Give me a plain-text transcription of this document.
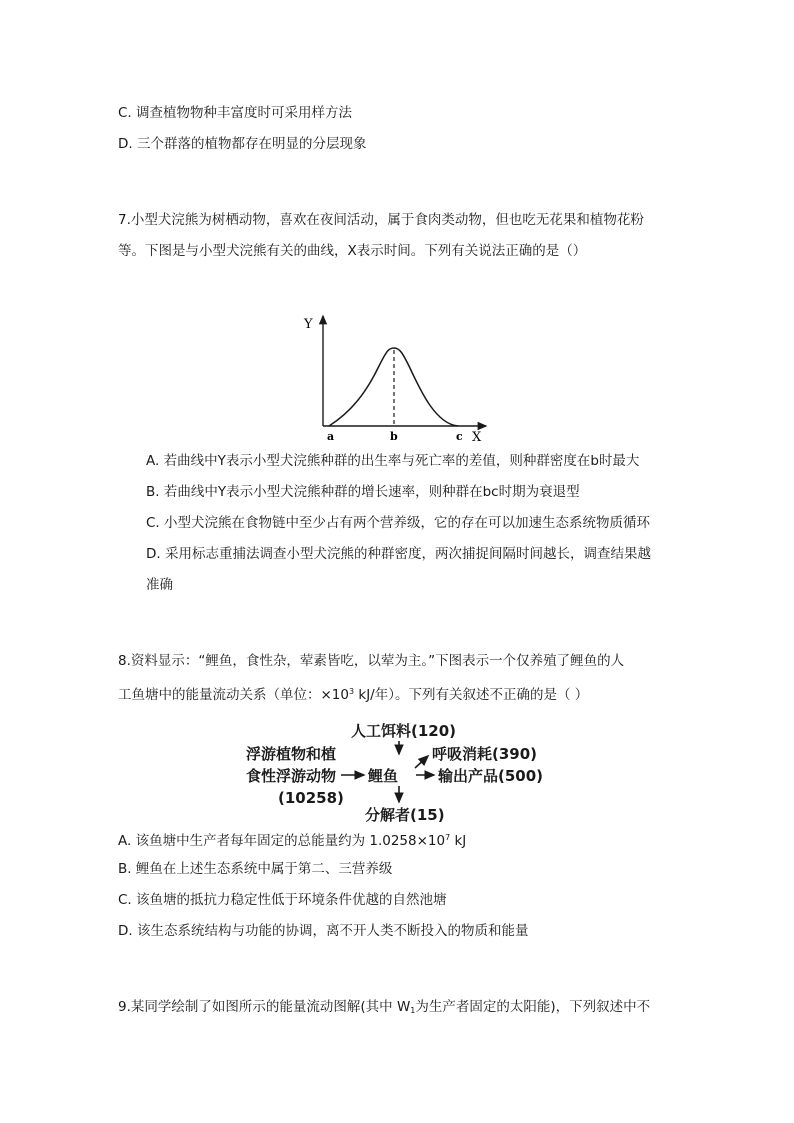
C. 调查植物物种丰富度时可采用样方法
D. 三个群落的植物都存在明显的分层现象
7.小型犬浣熊为树栖动物，喜欢在夜间活动，属于食肉类动物，但也吃无花果和植物花粉
等。下图是与小型犬浣熊有关的曲线，X表示时间。下列有关说法正确的是（）
Y
X
a	b	c
A. 若曲线中Y表示小型犬浣熊种群的出生率与死亡率的差值，则种群密度在b时最大
B. 若曲线中Y表示小型犬浣熊种群的增长速率，则种群在bc时期为衰退型
C. 小型犬浣熊在食物链中至少占有两个营养级，它的存在可以加速生态系统物质循环
D. 采用标志重捕法调查小型犬浣熊的种群密度，两次捕捉间隔时间越长，调查结果越
准确
8.资料显示：“鲤鱼，食性杂，荤素皆吃，以荤为主。”下图表示一个仅养殖了鲤鱼的人
工鱼塘中的能量流动关系（单位：$\times 10^3$ kJ/年）。下列有关叙述不正确的是（ ）
人工饵料(120)
浮游植物和植
食性浮游动物
(10258)
鲤鱼
呼吸消耗(390)
输出产品(500)
分解者(15)
A. 该鱼塘中生产者每年固定的总能量约为 $1.0258\times 10^7$ kJ
B. 鲤鱼在上述生态系统中属于第二、三营养级
C. 该鱼塘的抵抗力稳定性低于环境条件优越的自然池塘
D. 该生态系统结构与功能的协调，离不开人类不断投入的物质和能量
9.某同学绘制了如图所示的能量流动图解(其中 $W_1$为生产者固定的太阳能)，下列叙述中不
